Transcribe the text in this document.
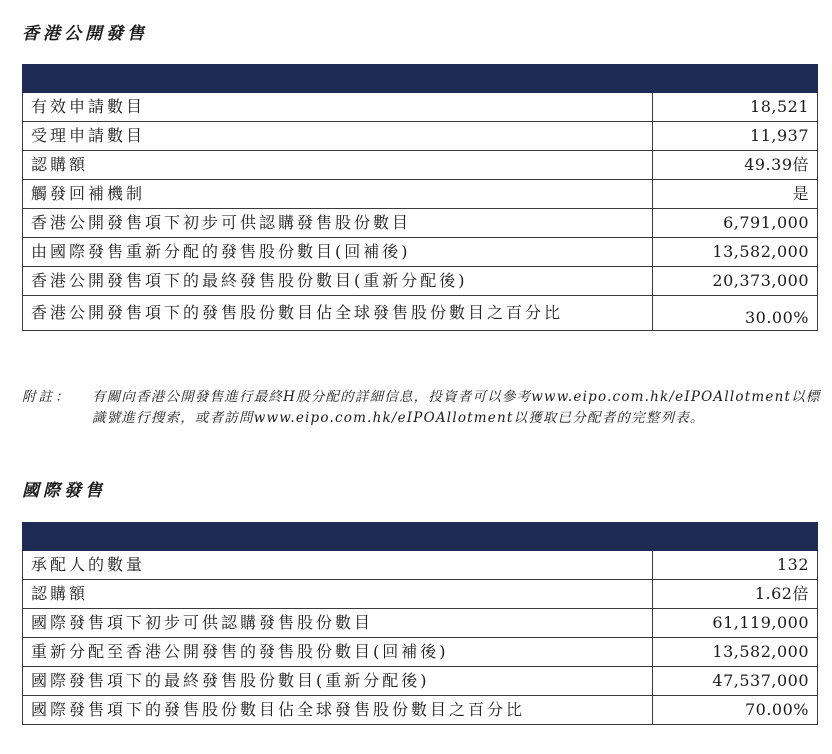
香港公開發售

有效申請數目	18,521
受理申請數目	11,937
認購額	49.39倍
觸發回補機制	是
香港公開發售項下初步可供認購發售股份數目	6,791,000
由國際發售重新分配的發售股份數目(回補後)	13,582,000
香港公開發售項下的最終發售股份數目(重新分配後)	20,373,000
香港公開發售項下的發售股份數目佔全球發售股份數目之百分比	30.00%
附註： 有關向香港公開發售進行最終H股分配的詳細信息，投資者可以參考www.eipo.com.hk/eIPOAllotment以標識號進行搜索，或者訪問www.eipo.com.hk/eIPOAllotment以獲取已分配者的完整列表。
國際發售

承配人的數量	132
認購額	1.62倍
國際發售項下初步可供認購發售股份數目	61,119,000
重新分配至香港公開發售的發售股份數目(回補後)	13,582,000
國際發售項下的最終發售股份數目(重新分配後)	47,537,000
國際發售項下的發售股份數目佔全球發售股份數目之百分比	70.00%
